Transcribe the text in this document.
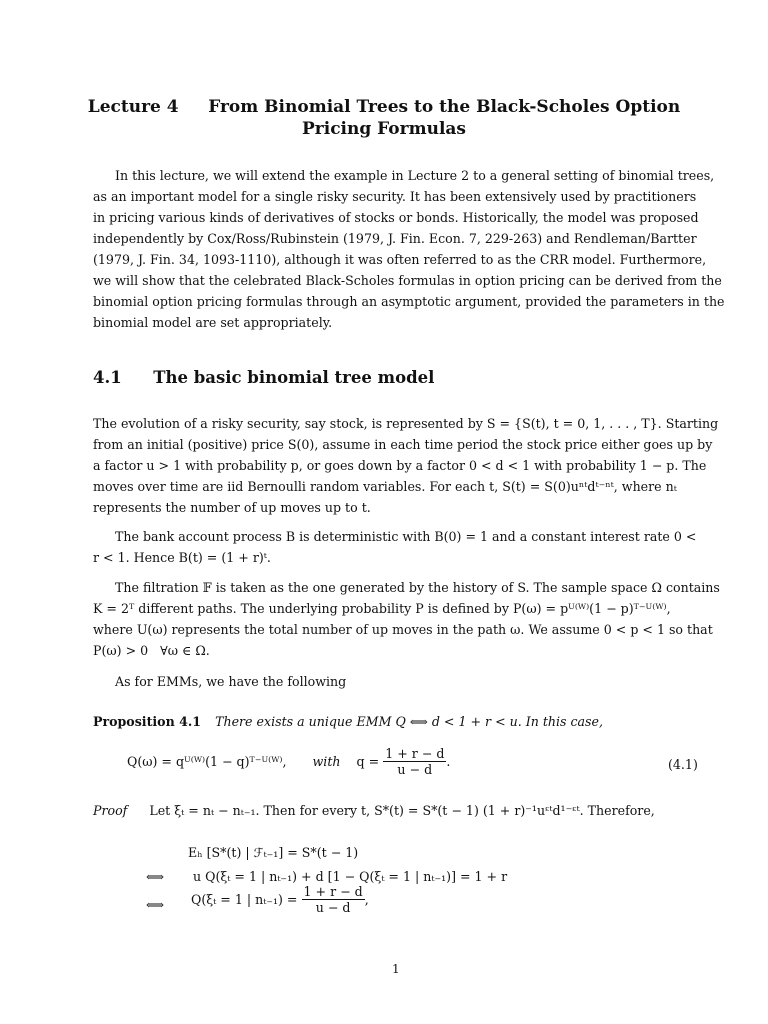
Lecture 4     From Binomial Trees to the Black-Scholes Option
Pricing Formulas
In this lecture, we will extend the example in Lecture 2 to a general setting of binomial trees,
as an important model for a single risky security. It has been extensively used by practitioners
in pricing various kinds of derivatives of stocks or bonds. Historically, the model was proposed
independently by Cox/Ross/Rubinstein (1979, J. Fin. Econ. 7, 229-263) and Rendleman/Bartter
(1979, J. Fin. 34, 1093-1110), although it was often referred to as the CRR model. Furthermore,
we will show that the celebrated Black-Scholes formulas in option pricing can be derived from the
binomial option pricing formulas through an asymptotic argument, provided the parameters in the
binomial model are set appropriately.
4.1 The basic binomial tree model
The evolution of a risky security, say stock, is represented by S = {S(t), t = 0, 1, . . . , T}. Starting
from an initial (positive) price S(0), assume in each time period the stock price either goes up by
a factor u > 1 with probability p, or goes down by a factor 0 < d < 1 with probability 1 − p. The
moves over time are iid Bernoulli random variables. For each t, S(t) = S(0)uⁿᵗdᵗ⁻ⁿᵗ, where nₜ
represents the number of up moves up to t.
The bank account process B is deterministic with B(0) = 1 and a constant interest rate 0 <
r < 1. Hence B(t) = (1 + r)ᵗ.
The filtration 𝔽 is taken as the one generated by the history of S. The sample space Ω contains
K = 2ᵀ different paths. The underlying probability P is defined by P(ω) = pᵁ⁽ᵂ⁾(1 − p)ᵀ⁻ᵁ⁽ᵂ⁾,
where U(ω) represents the total number of up moves in the path ω. We assume 0 < p < 1 so that
P(ω) > 0   ∀ω ∈ Ω.
As for EMMs, we have the following
Proposition 4.1 There exists a unique EMM Q ⟺ d < 1 + r < u. In this case,
Q(ω) = qᵁ⁽ᵂ⁾(1 − q)ᵀ⁻ᵁ⁽ᵂ⁾, with $q = \frac{1 + r - d}{u - d}$ .	(4.1)
Proof Let ξₜ = nₜ − nₜ₋₁. Then for every t, S*(t) = S*(t − 1) (1 + r)⁻¹uᵋᵗd¹⁻ᵋᵗ. Therefore,
Eₕ [S*(t) | ℱₜ₋₁] = S*(t − 1)
⟺ u Q(ξₜ = 1 | nₜ₋₁) + d [1 − Q(ξₜ = 1 | nₜ₋₁)] = 1 + r
⟺ Q(ξₜ = 1 | $n_{t-1}) = \frac{1 + r - d}{u - d}$ ,
1
